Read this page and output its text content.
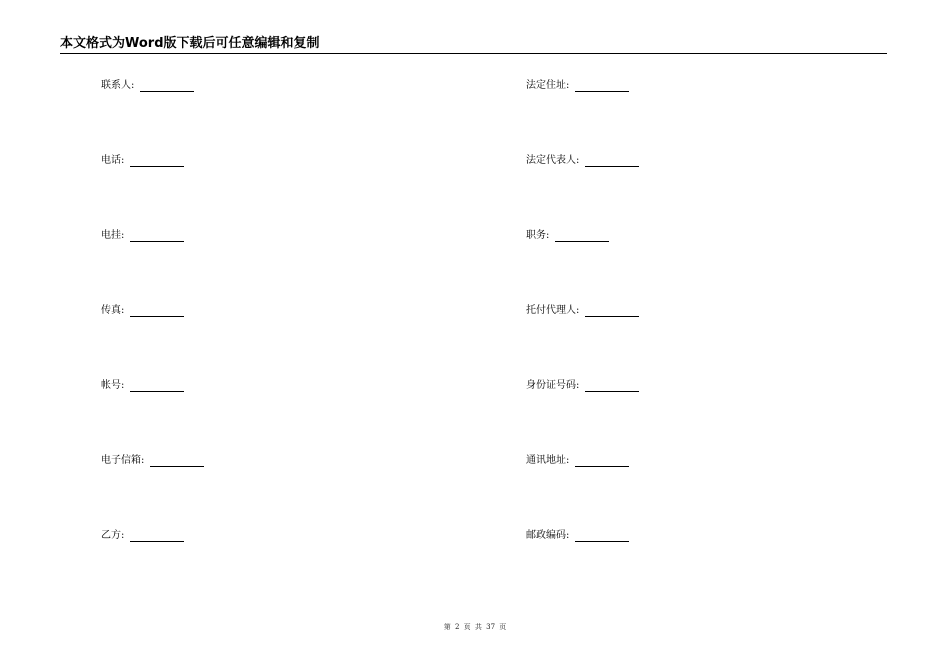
本文格式为Word版下载后可任意编辑和复制
联系人:
电话:
电挂:
传真:
帐号:
电子信箱:
乙方:
法定住址:
法定代表人:
职务:
托付代理人:
身份证号码:
通讯地址:
邮政编码:
第 2 页 共 37 页
